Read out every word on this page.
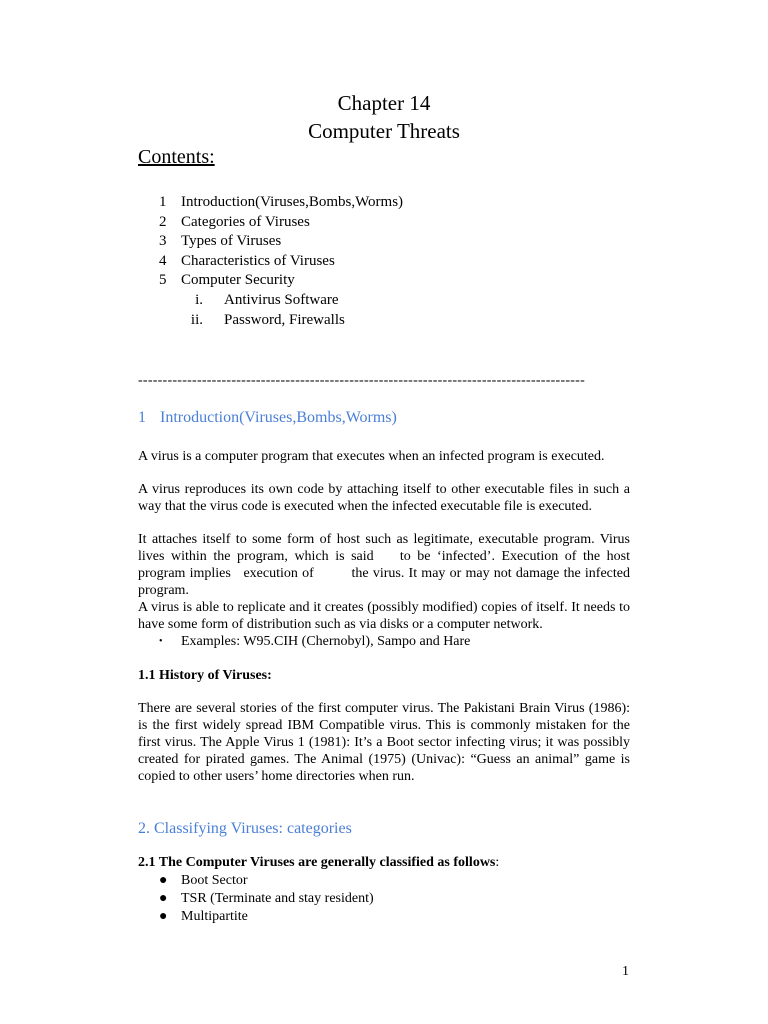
Chapter 14
Computer Threats
Contents:
1 Introduction(Viruses,Bombs,Worms)
2 Categories of Viruses
3 Types of Viruses
4 Characteristics of Viruses
5 Computer Security
i. Antivirus Software
ii. Password, Firewalls
-------------------------------------------------------------------------------------------
1 Introduction(Viruses,Bombs,Worms)

A virus is a computer program that executes when an infected program is executed.

A virus reproduces its own code by attaching itself to other executable files in such a way that the virus code is executed when the infected executable file is executed.

It attaches itself to some form of host such as legitimate, executable program. Virus lives within the program, which is said    to be ‘infected’. Execution of the host program implies   execution of         the virus. It may or may not damage the infected program.

A virus is able to replicate and it creates (possibly modified) copies of itself. It needs to have some form of distribution such as via disks or a computer network.

• Examples: W95.CIH (Chernobyl), Sampo and Hare
1.1 History of Viruses:

There are several stories of the first computer virus. The Pakistani Brain Virus (1986): is the first widely spread IBM Compatible virus. This is commonly mistaken for the first virus. The Apple Virus 1 (1981): It’s a Boot sector infecting virus; it was possibly created for pirated games. The Animal (1975) (Univac): “Guess an animal” game is copied to other users’ home directories when run.

2. Classifying Viruses: categories
2.1 The Computer Viruses are generally classified as follows:
● Boot Sector
● TSR (Terminate and stay resident)
● Multipartite
1
